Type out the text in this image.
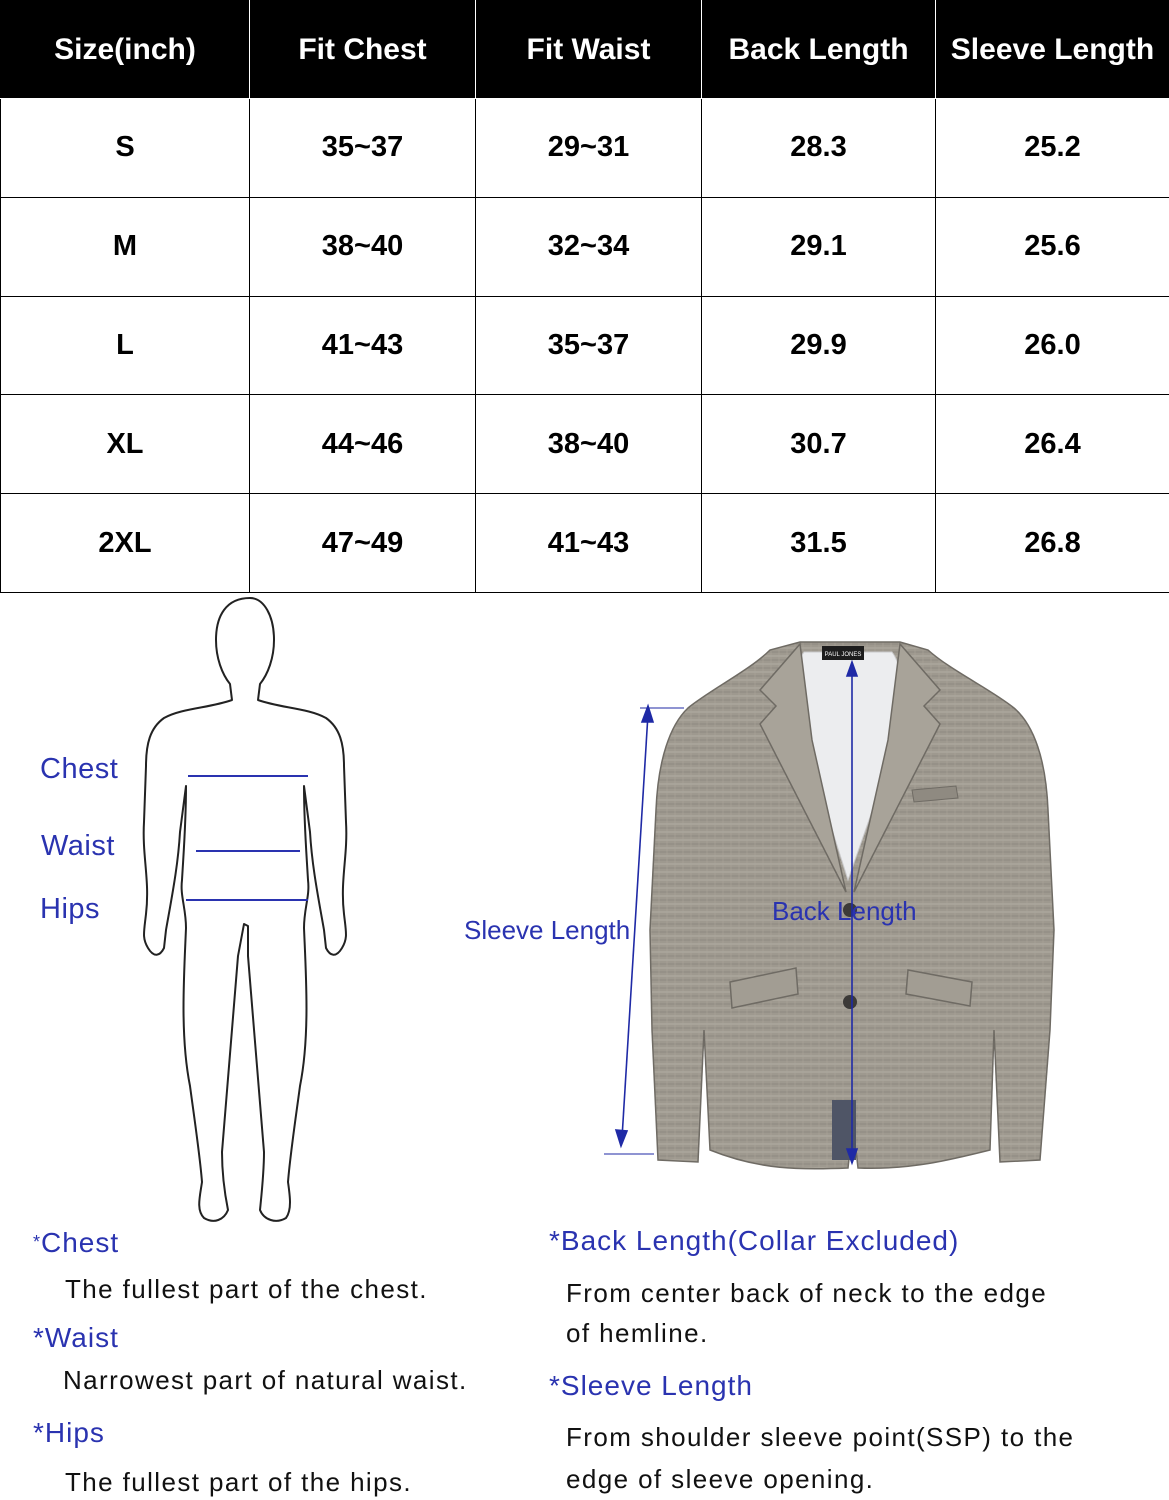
Size(inch)	Fit Chest	Fit Waist	Back Length	Sleeve Length
S	35~37	29~31	28.3	25.2
M	38~40	32~34	29.1	25.6
L	41~43	35~37	29.9	26.0
XL	44~46	38~40	30.7	26.4
2XL	47~49	41~43	31.5	26.8
Chest
Waist
Hips
PAUL JONES
Sleeve Length
Back Length
*Chest
The fullest part of the chest.
*Waist
Narrowest part of natural waist.
*Hips
The fullest part of the hips.
*Back Length(Collar Excluded)
From center back of neck to the edge
of hemline.
*Sleeve Length
From shoulder sleeve point(SSP) to the
edge of sleeve opening.
